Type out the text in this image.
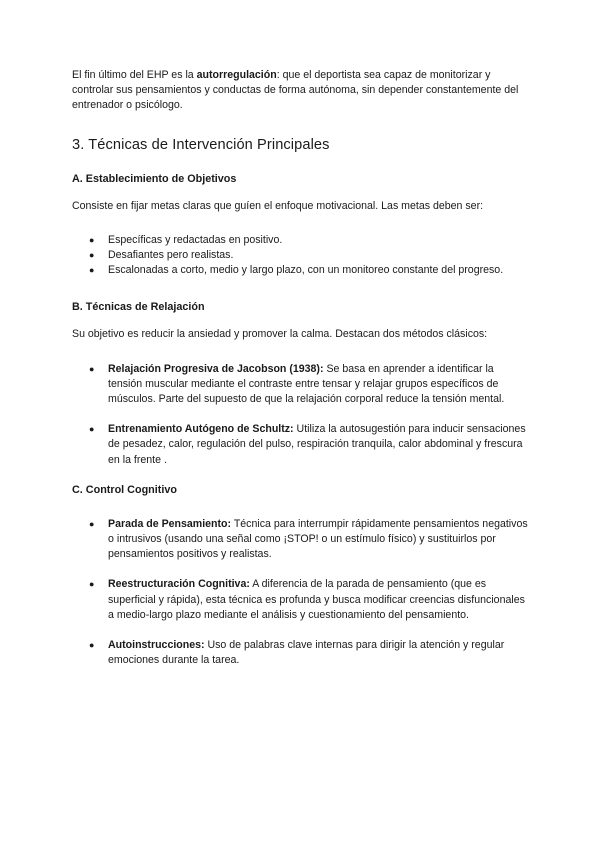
El fin último del EHP es la autorregulación: que el deportista sea capaz de monitorizar y controlar sus pensamientos y conductas de forma autónoma, sin depender constantemente del entrenador o psicólogo.

3. Técnicas de Intervención Principales
A. Establecimiento de Objetivos

Consiste en fijar metas claras que guíen el enfoque motivacional. Las metas deben ser:

● Específicas y redactadas en positivo.
● Desafiantes pero realistas.
● Escalonadas a corto, medio y largo plazo, con un monitoreo constante del progreso.
B. Técnicas de Relajación

Su objetivo es reducir la ansiedad y promover la calma. Destacan dos métodos clásicos:

● Relajación Progresiva de Jacobson (1938): Se basa en aprender a identificar la tensión muscular mediante el contraste entre tensar y relajar grupos específicos de músculos. Parte del supuesto de que la relajación corporal reduce la tensión mental.
● Entrenamiento Autógeno de Schultz: Utiliza la autosugestión para inducir sensaciones de pesadez, calor, regulación del pulso, respiración tranquila, calor abdominal y frescura en la frente .
C. Control Cognitivo
● Parada de Pensamiento: Técnica para interrumpir rápidamente pensamientos negativos o intrusivos (usando una señal como ¡STOP! o un estímulo físico) y sustituirlos por pensamientos positivos y realistas.
● Reestructuración Cognitiva: A diferencia de la parada de pensamiento (que es superficial y rápida), esta técnica es profunda y busca modificar creencias disfuncionales a medio-largo plazo mediante el análisis y cuestionamiento del pensamiento.
● Autoinstrucciones: Uso de palabras clave internas para dirigir la atención y regular emociones durante la tarea.
